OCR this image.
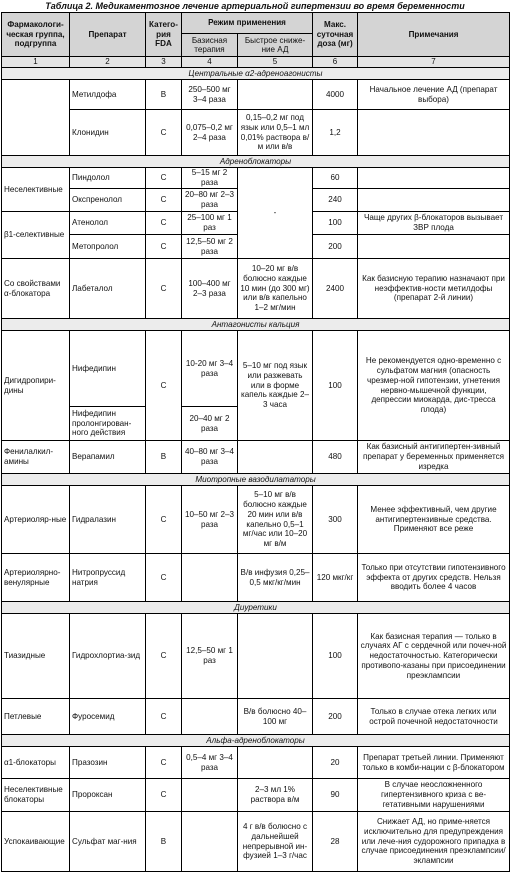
Таблица 2. Медикаментозное лечение артериальной гипертензии во время беременности
Фармакологи-ческая группа, подгруппа	Препарат	Катего-рия FDA	Режим применения		Макс. суточная доза (мг)	Примечания
			Базисная терапия	Быстрое сниже-ние АД		
1	2	3	4	5	6	7
Центральные α2-адреноагонисты						
	Метилдофа	B	250–500 мг 3–4 раза		4000	Начальное лечение АД (препарат выбора)
	Клонидин	C	0,075–0,2 мг 2–4 раза	0,15–0,2 мг под язык или 0,5–1 мл 0,01% раствора в/м или в/в	1,2	
Адреноблокаторы						
Неселективные	Пиндолол	C	5–15 мг 2 раза	-	60	
	Окспренолол	C	20–80 мг 2–3 раза		240	
β1-селективные	Атенолол	C	25–100 мг 1 раз		100	Чаще других β-блокаторов вызывает ЗВР плода
	Метопролол	C	12,5–50 мг 2 раза		200	
Со свойствами α-блокатора	Лабеталол	C	100–400 мг 2–3 раза	10–20 мг в/в болюсно каждые 10 мин (до 300 мг) или в/в капельно 1–2 мг/мин	2400	Как базисную терапию назначают при неэффектив-ности метилдофы (препарат 2-й линии)
Антагонисты кальция						
Дигидропири-дины	Нифедипин	C	10-20 мг 3–4 раза	5–10 мг под язык или разжевать или в форме капель каждые 2–3 часа	100	Не рекомендуется одно-временно с сульфатом магния (опасность чрезмер-ной гипотензии, угнетения нервно-мышечной функции, депрессии миокарда, дис-тресса плода)
	Нифедипин пролонгирован-ного действия		20–40 мг 2 раза			
Фенилалкил-амины	Верапамил	B	40–80 мг 3–4 раза		480	Как базисный антигипертен-зивный препарат у беременных применяется изредка
Миотропные вазодилататоры						
Артериоляр-ные	Гидралазин	C	10–50 мг 2–3 раза	5–10 мг в/в болюсно каждые 20 мин или в/в капельно 0,5–1 мг/час или 10–20 мг в/м	300	Менее эффективный, чем другие антигипертензивные средства. Применяют все реже
Артериолярно-венулярные	Нитропруссид натрия	C		В/в инфузия 0,25–0,5 мкг/кг/мин	120 мкг/кг	Только при отсутствии гипотензивного эффекта от других средств. Нельзя вводить более 4 часов
Диуретики						
Тиазидные	Гидрохлортиа-зид	C	12,5–50 мг 1 раз		100	Как базисная терапия — только в случаях АГ с сердечной или почеч-ной недостаточностью. Категорически противопо-казаны при присоединении преэклампсии
Петлевые	Фуросемид	C		В/в болюсно 40–100 мг	200	Только в случае отека легких или острой почечной недостаточности
Альфа-адреноблокаторы						
α1-блокаторы	Празозин	C	0,5–4 мг 3–4 раза		20	Препарат третьей линии. Применяют только в комби-нации с β-блокатором
Неселективные блокаторы	Пророксан	C		2–3 мл 1% раствора в/м	90	В случае неосложненного гипертензивного криза с ве-гетативными нарушениями
Успокаивающие	Сульфат маг-ния	B		4 г в/в болюсно с дальнейшей непрерывной ин-фузией 1–3 г/час	28	Снижает АД, но приме-няется исключительно для предупреждения или лече-ния судорожного припадка в случае присоединения преэклампсии/эклампсии
